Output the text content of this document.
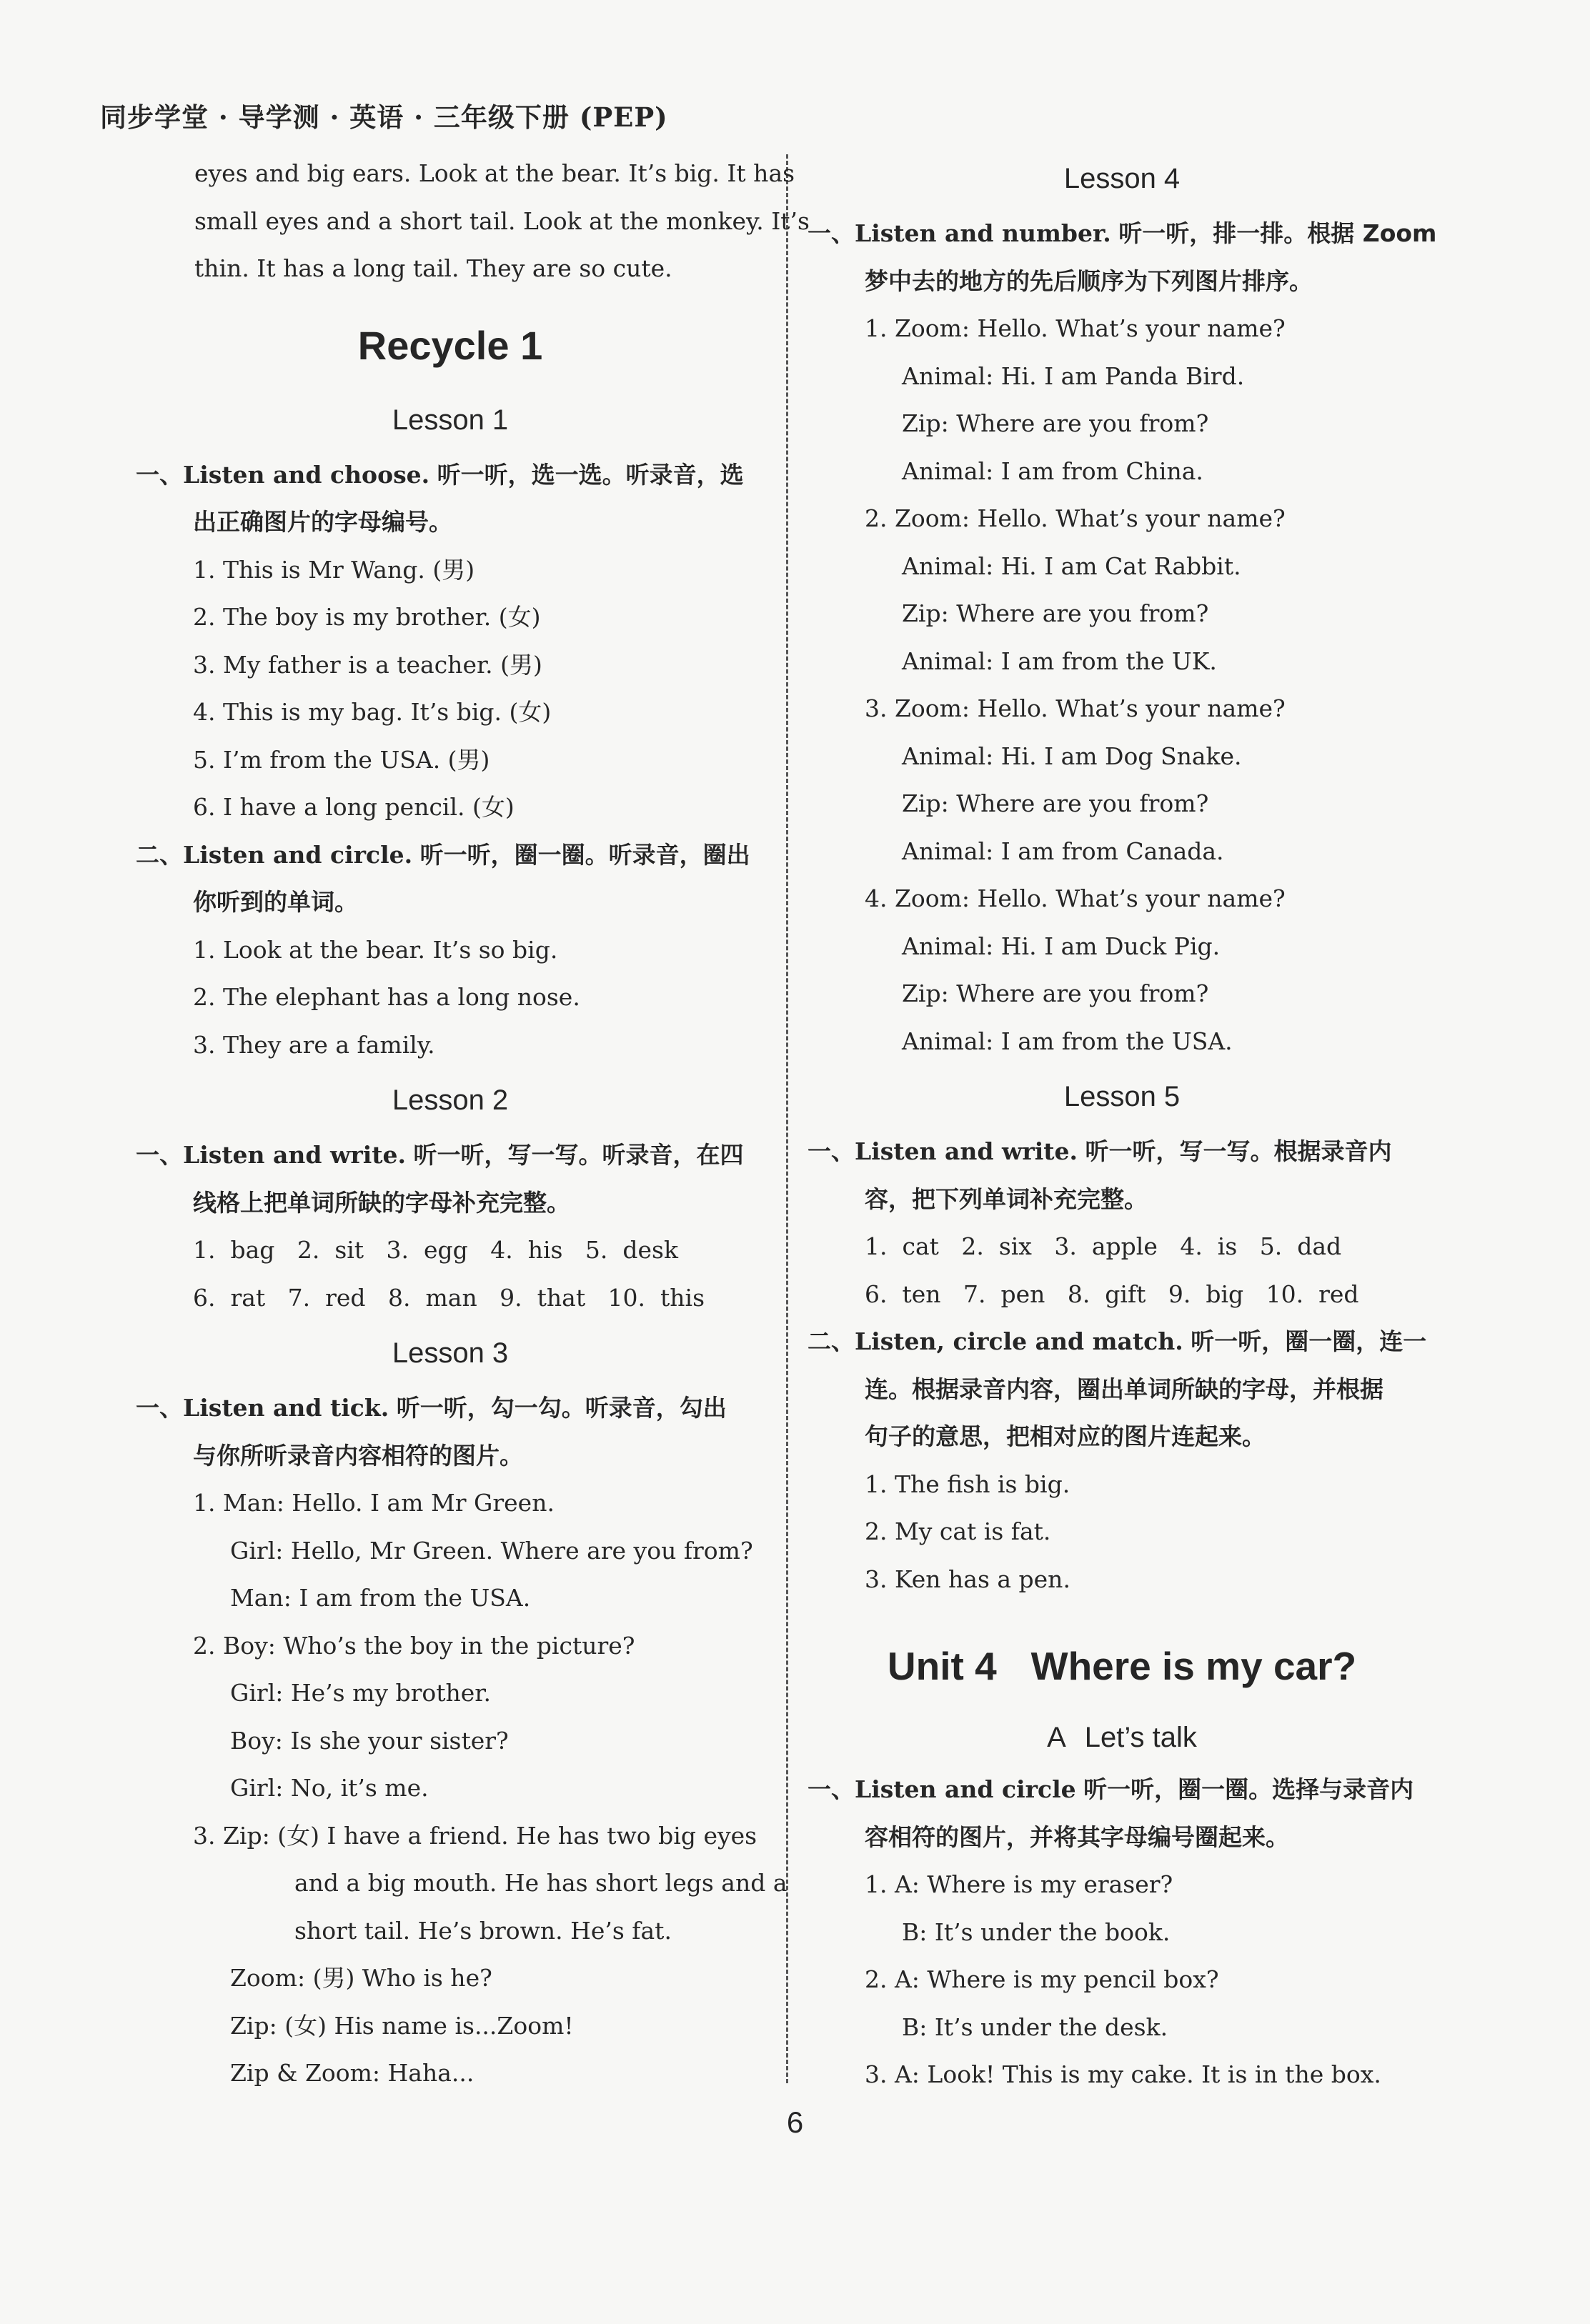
同步学堂 · 导学测 · 英语 · 三年级下册 (PEP)
eyes and big ears. Look at the bear. It’s big. It has
small eyes and a short tail. Look at the monkey. It’s
thin. It has a long tail. They are so cute.
Recycle 1
Lesson 1
一、Listen and choose. 听一听，选一选。听录音，选
出正确图片的字母编号。
1. This is Mr Wang. (男)
2. The boy is my brother. (女)
3. My father is a teacher. (男)
4. This is my bag. It’s big. (女)
5. I’m from the USA. (男)
6. I have a long pencil. (女)
二、Listen and circle. 听一听，圈一圈。听录音，圈出
你听到的单词。
1. Look at the bear. It’s so big.
2. The elephant has a long nose.
3. They are a family.
Lesson 2
一、Listen and write. 听一听，写一写。听录音，在四
线格上把单词所缺的字母补充完整。
1.  bag   2.  sit   3.  egg   4.  his   5.  desk
6.  rat   7.  red   8.  man   9.  that   10.  this
Lesson 3
一、Listen and tick. 听一听，勾一勾。听录音，勾出
与你所听录音内容相符的图片。
1. Man: Hello. I am Mr Green.
Girl: Hello, Mr Green. Where are you from?
Man: I am from the USA.
2. Boy: Who’s the boy in the picture?
Girl: He’s my brother.
Boy: Is she your sister?
Girl: No, it’s me.
3. Zip: (女) I have a friend. He has two big eyes
and a big mouth. He has short legs and a
short tail. He’s brown. He’s fat.
Zoom: (男) Who is he?
Zip: (女) His name is...Zoom!
Zip & Zoom: Haha...
Lesson 4
一、Listen and number. 听一听，排一排。根据 Zoom
梦中去的地方的先后顺序为下列图片排序。
1. Zoom: Hello. What’s your name?
Animal: Hi. I am Panda Bird.
Zip: Where are you from?
Animal: I am from China.
2. Zoom: Hello. What’s your name?
Animal: Hi. I am Cat Rabbit.
Zip: Where are you from?
Animal: I am from the UK.
3. Zoom: Hello. What’s your name?
Animal: Hi. I am Dog Snake.
Zip: Where are you from?
Animal: I am from Canada.
4. Zoom: Hello. What’s your name?
Animal: Hi. I am Duck Pig.
Zip: Where are you from?
Animal: I am from the USA.
Lesson 5
一、Listen and write. 听一听，写一写。根据录音内
容，把下列单词补充完整。
1.  cat   2.  six   3.  apple   4.  is   5.  dad
6.  ten   7.  pen   8.  gift   9.  big   10.  red
二、Listen, circle and match. 听一听，圈一圈，连一
连。根据录音内容，圈出单词所缺的字母，并根据
句子的意思，把相对应的图片连起来。
1. The fish is big.
2. My cat is fat.
3. Ken has a pen.
Unit 4 Where is my car?
A Let’s talk
一、Listen and circle 听一听，圈一圈。选择与录音内
容相符的图片，并将其字母编号圈起来。
1. A: Where is my eraser?
B: It’s under the book.
2. A: Where is my pencil box?
B: It’s under the desk.
3. A: Look! This is my cake. It is in the box.
6
